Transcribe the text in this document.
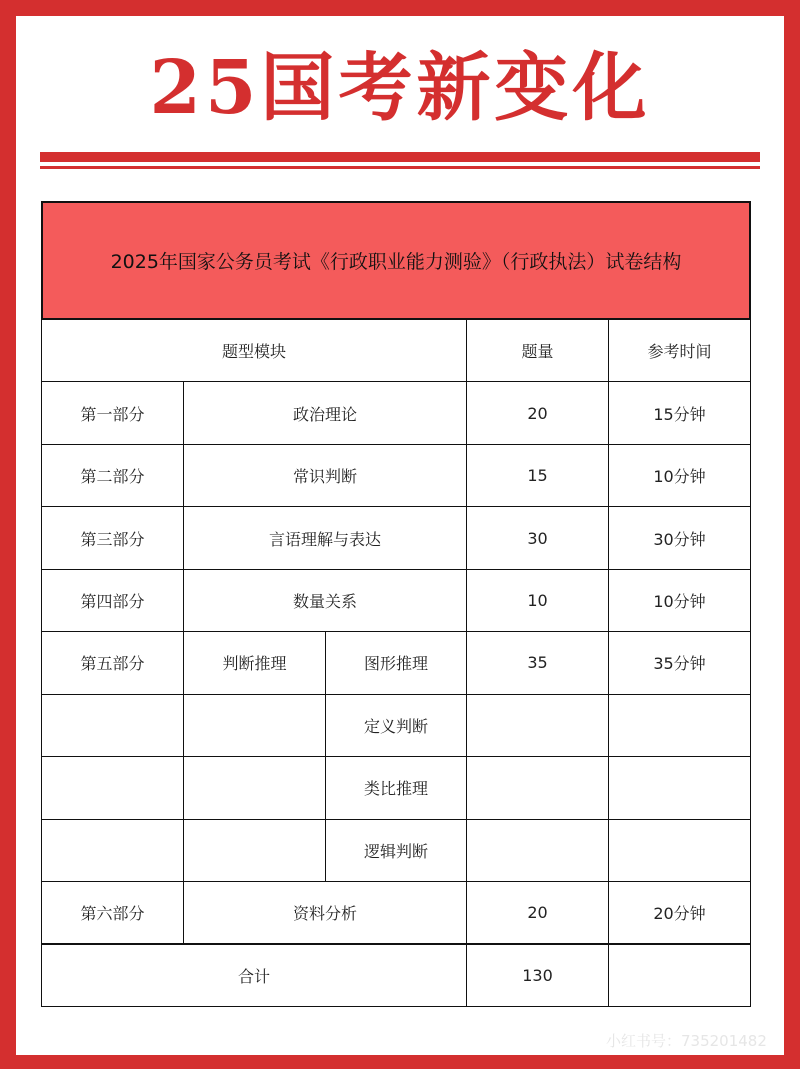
25国考新变化
2025年国家公务员考试《行政职业能力测验》（行政执法）试卷结构
题型模块	题量	参考时间
第一部分	政治理论	20	15分钟
第二部分	常识判断	15	10分钟
第三部分	言语理解与表达	30	30分钟
第四部分	数量关系	10	10分钟
第五部分	判断推理	图形推理	35	35分钟
定义判断
类比推理
逻辑判断
第六部分	资料分析	20	20分钟
合计	130
小红书号：735201482
